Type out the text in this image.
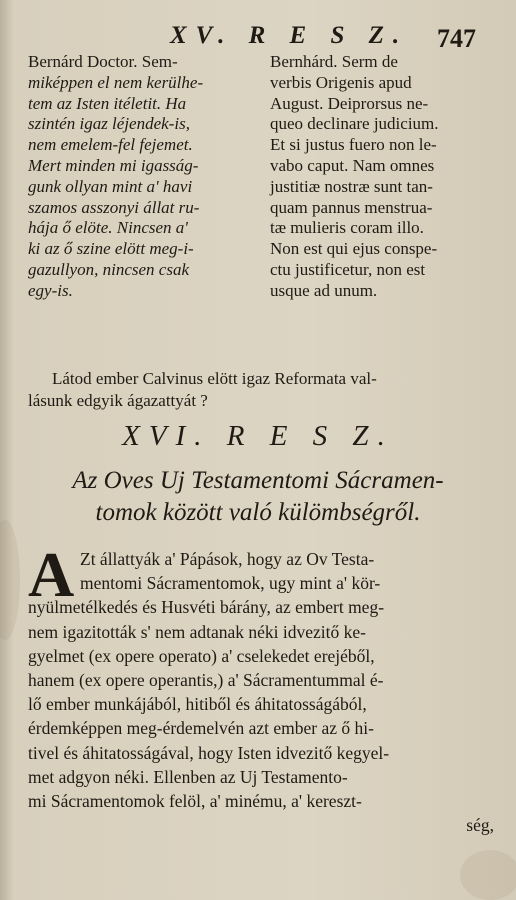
XV. R E S Z. 747
Bernárd Doctor. Sem-
miképpen el nem kerülhe-
tem az Isten itéletit. Ha
szintén igaz léjendek-is,
nem emelem-fel fejemet.
Mert minden mi igasság-
gunk ollyan mint a' havi
szamos asszonyi állat ru-
hája ő elöte. Nincsen a'
ki az ő szine elött meg-i-
gazullyon, nincsen csak
egy-is.
Bernhárd. Serm de
verbis Origenis apud
August. Deiprorsus ne-
queo declinare judicium.
Et si justus fuero non le-
vabo caput. Nam omnes
justitiæ nostræ sunt tan-
quam pannus menstrua-
tæ mulieris coram illo.
Non est qui ejus conspe-
ctu justificetur, non est
usque ad unum.
Látod ember Calvinus elött igaz Reformata val-
lásunk edgyik ágazattyát ?
XVI. R E S Z.
Az Oves Uj Testamentomi Sácramen-
tomok között való külömbségről.
A Zt állattyák a' Pápások, hogy az Ov Testa-
mentomi Sácramentomok, ugy mint a' kör-
nyülmetélkedés és Husvéti bárány, az embert meg-
nem igazitották s' nem adtanak néki idvezitő ke-
gyelmet (ex opere operato) a' cselekedet erejéből,
hanem (ex opere operantis,) a' Sácramentummal é-
lő ember munkájából, hitiből és áhitatosságából,
érdemképpen meg-érdemelvén azt ember az ő hi-
tivel és áhitatosságával, hogy Isten idvezitő kegyel-
met adgyon néki. Ellenben az Uj Testamento-
mi Sácramentomok felöl, a' minému, a' kereszt-
ség,
